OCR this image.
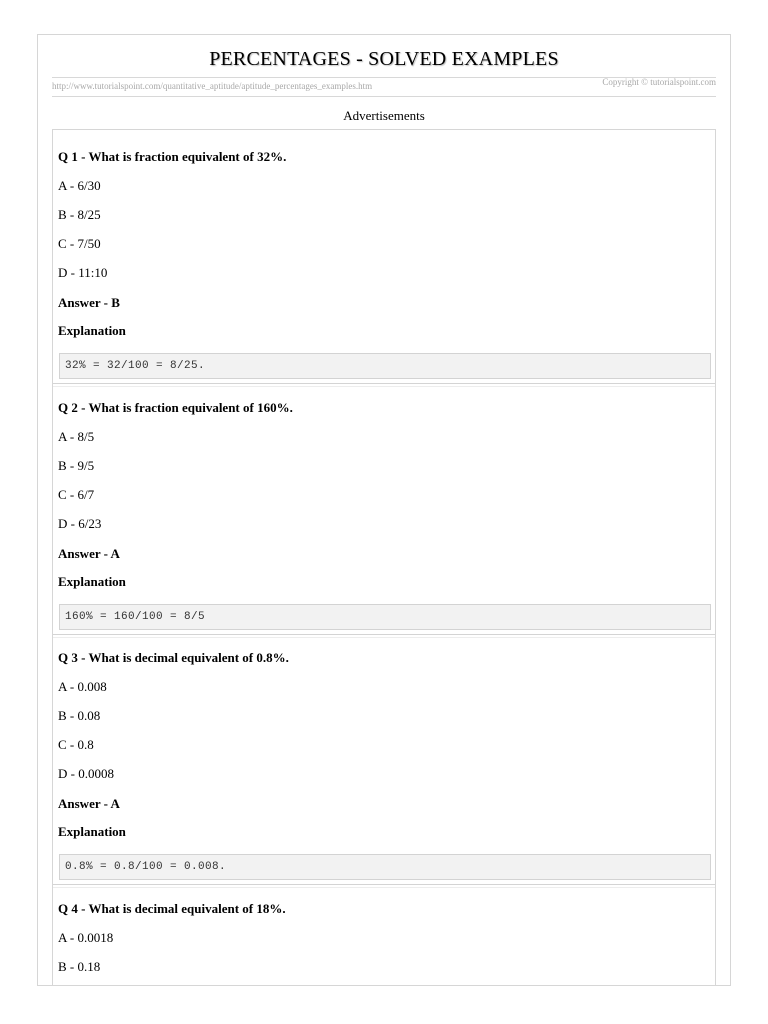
PERCENTAGES - SOLVED EXAMPLES
http://www.tutorialspoint.com/quantitative_aptitude/aptitude_percentages_examples.htm	Copyright © tutorialspoint.com
Advertisements
Q 1 - What is fraction equivalent of 32%.
A - 6/30
B - 8/25
C - 7/50
D - 11:10
Answer - B
Explanation
32% = 32/100 = 8/25.
Q 2 - What is fraction equivalent of 160%.
A - 8/5
B - 9/5
C - 6/7
D - 6/23
Answer - A
Explanation
160% = 160/100 = 8/5
Q 3 - What is decimal equivalent of 0.8%.
A - 0.008
B - 0.08
C - 0.8
D - 0.0008
Answer - A
Explanation
0.8% = 0.8/100 = 0.008.
Q 4 - What is decimal equivalent of 18%.
A - 0.0018
B - 0.18
